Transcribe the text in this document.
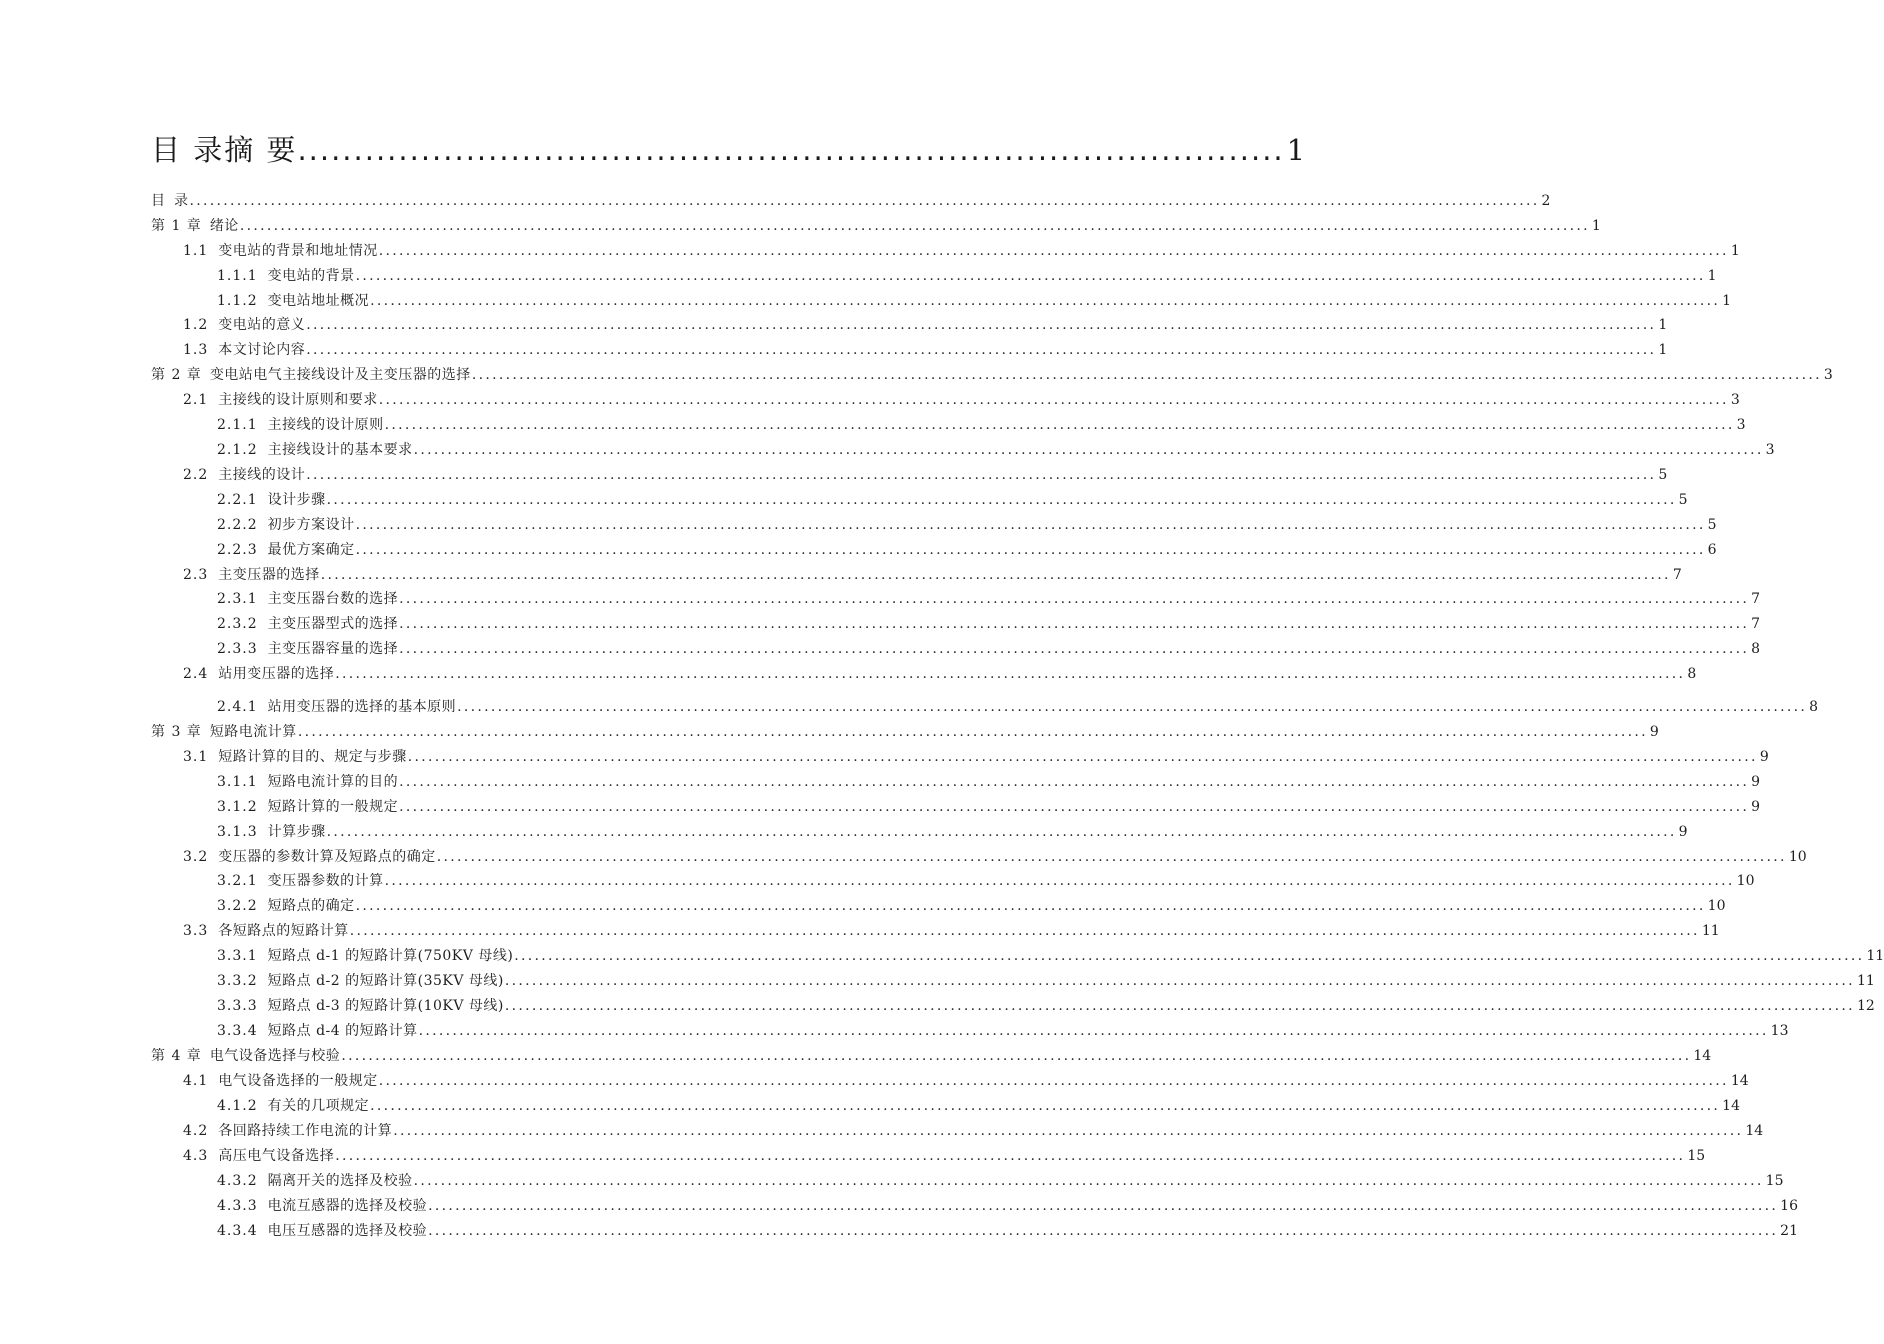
目 录摘 要 ........................................................................................ 1
目 录 ........................................................................................................................................................................................................ 2
第 1 章 绪论 ........................................................................................................................................................................................................ 1
1.1 变电站的背景和地址情况 ........................................................................................................................................................................................................ 1
1.1.1 变电站的背景 ........................................................................................................................................................................................................ 1
1.1.2 变电站地址概况 ........................................................................................................................................................................................................ 1
1.2 变电站的意义 ........................................................................................................................................................................................................ 1
1.3 本文讨论内容 ........................................................................................................................................................................................................ 1
第 2 章 变电站电气主接线设计及主变压器的选择 ........................................................................................................................................................................................................ 3
2.1 主接线的设计原则和要求 ........................................................................................................................................................................................................ 3
2.1.1 主接线的设计原则 ........................................................................................................................................................................................................ 3
2.1.2 主接线设计的基本要求 ........................................................................................................................................................................................................ 3
2.2 主接线的设计 ........................................................................................................................................................................................................ 5
2.2.1 设计步骤 ........................................................................................................................................................................................................ 5
2.2.2 初步方案设计 ........................................................................................................................................................................................................ 5
2.2.3 最优方案确定 ........................................................................................................................................................................................................ 6
2.3 主变压器的选择 ........................................................................................................................................................................................................ 7
2.3.1 主变压器台数的选择 ........................................................................................................................................................................................................ 7
2.3.2 主变压器型式的选择 ........................................................................................................................................................................................................ 7
2.3.3 主变压器容量的选择 ........................................................................................................................................................................................................ 8
2.4 站用变压器的选择 ........................................................................................................................................................................................................ 8
2.4.1 站用变压器的选择的基本原则 ........................................................................................................................................................................................................ 8
第 3 章 短路电流计算 ........................................................................................................................................................................................................ 9
3.1 短路计算的目的、规定与步骤 ........................................................................................................................................................................................................ 9
3.1.1 短路电流计算的目的 ........................................................................................................................................................................................................ 9
3.1.2 短路计算的一般规定 ........................................................................................................................................................................................................ 9
3.1.3 计算步骤 ........................................................................................................................................................................................................ 9
3.2 变压器的参数计算及短路点的确定 ........................................................................................................................................................................................................ 10
3.2.1 变压器参数的计算 ........................................................................................................................................................................................................ 10
3.2.2 短路点的确定 ........................................................................................................................................................................................................ 10
3.3 各短路点的短路计算 ........................................................................................................................................................................................................ 11
3.3.1 短路点 d-1 的短路计算(750KV 母线) ........................................................................................................................................................................................................ 11
3.3.2 短路点 d-2 的短路计算(35KV 母线) ........................................................................................................................................................................................................ 11
3.3.3 短路点 d-3 的短路计算(10KV 母线) ........................................................................................................................................................................................................ 12
3.3.4 短路点 d-4 的短路计算 ........................................................................................................................................................................................................ 13
第 4 章 电气设备选择与校验 ........................................................................................................................................................................................................ 14
4.1 电气设备选择的一般规定 ........................................................................................................................................................................................................ 14
4.1.2 有关的几项规定 ........................................................................................................................................................................................................ 14
4.2 各回路持续工作电流的计算 ........................................................................................................................................................................................................ 14
4.3 高压电气设备选择 ........................................................................................................................................................................................................ 15
4.3.2 隔离开关的选择及校验 ........................................................................................................................................................................................................ 15
4.3.3 电流互感器的选择及校验 ........................................................................................................................................................................................................ 16
4.3.4 电压互感器的选择及校验 ........................................................................................................................................................................................................ 21
